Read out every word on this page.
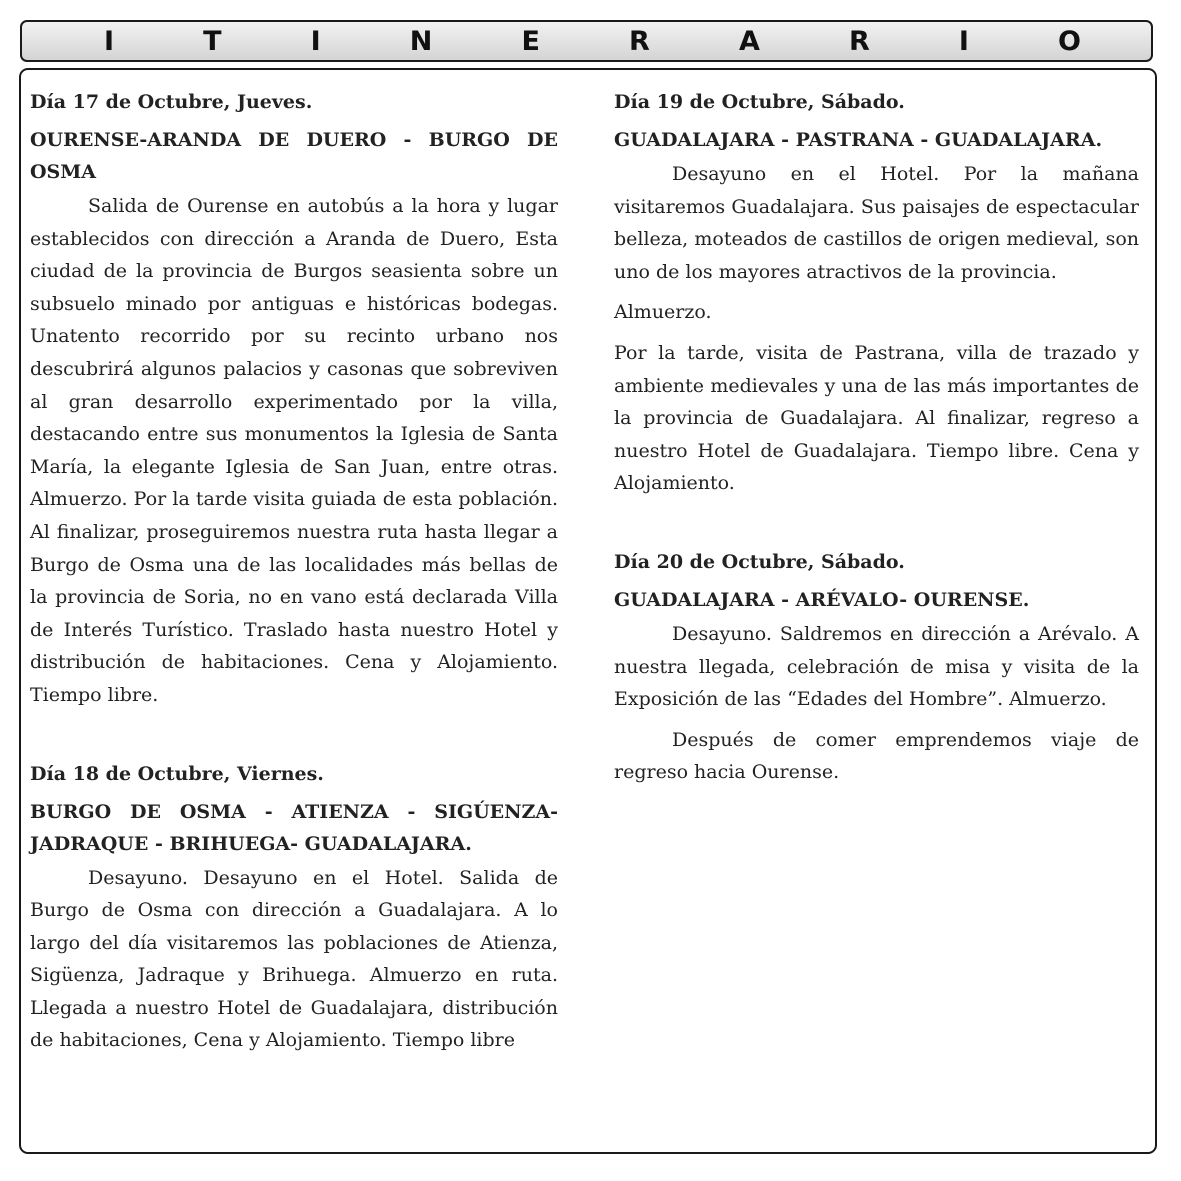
I	T	I	N	E	R	A	R	I	O

Día 17 de Octubre, Jueves.

OURENSE-ARANDA DE DUERO - BURGO DE OSMA

Salida de Ourense en autobús a la hora y lugar establecidos con dirección a Aranda de Duero, Esta ciudad de la provincia de Burgos seasienta sobre un subsuelo minado por antiguas e históricas bodegas. Unatento recorrido por su recinto urbano nos descubrirá algunos palacios y casonas que sobreviven al gran desarrollo experimentado por la villa, destacando entre sus monumentos la Iglesia de Santa María, la elegante Iglesia de San Juan, entre otras. Almuerzo. Por la tarde visita guiada de esta población. Al finalizar, proseguiremos nuestra ruta hasta llegar a Burgo de Osma una de las localidades más bellas de la provincia de Soria, no en vano está declarada Villa de Interés Turístico. Traslado hasta nuestro Hotel y distribución de habitaciones. Cena y Alojamiento. Tiempo libre.

Día 18 de Octubre, Viernes.

BURGO DE OSMA - ATIENZA - SIGÚENZA-JADRAQUE - BRIHUEGA- GUADALAJARA.

Desayuno. Desayuno en el Hotel. Salida de Burgo de Osma con dirección a Guadalajara. A lo largo del día visitaremos las poblaciones de Atienza, Sigüenza, Jadraque y Brihuega. Almuerzo en ruta. Llegada a nuestro Hotel de Guadalajara, distribución de habitaciones, Cena y Alojamiento. Tiempo libre

Día 19 de Octubre, Sábado.

GUADALAJARA - PASTRANA - GUADALAJARA.

Desayuno en el Hotel. Por la mañana visitaremos Guadalajara. Sus paisajes de espectacular belleza, moteados de castillos de origen medieval, son uno de los mayores atractivos de la provincia.

Almuerzo.

Por la tarde, visita de Pastrana, villa de trazado y ambiente medievales y una de las más importantes de la provincia de Guadalajara. Al finalizar, regreso a nuestro Hotel de Guadalajara. Tiempo libre. Cena y Alojamiento.

Día 20 de Octubre, Sábado.

GUADALAJARA - ARÉVALO- OURENSE.

Desayuno. Saldremos en dirección a Arévalo. A nuestra llegada, celebración de misa y visita de la Exposición de las “Edades del Hombre”. Almuerzo.

Después de comer emprendemos viaje de regreso hacia Ourense.
